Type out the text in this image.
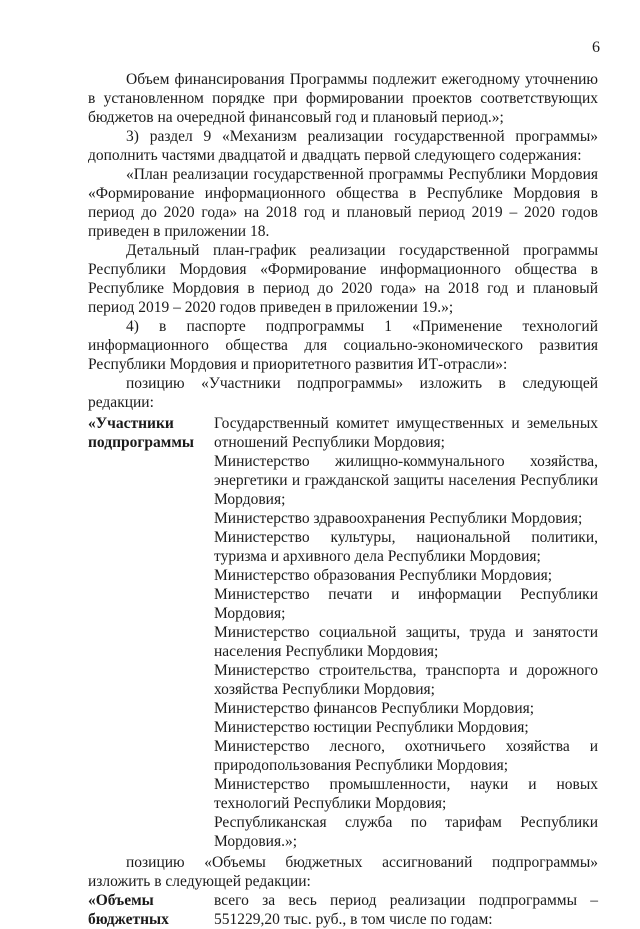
6

Объем финансирования Программы подлежит ежегодному уточнению в установленном порядке при формировании проектов соответствующих бюджетов на очередной финансовый год и плановый период.»;

3) раздел 9 «Механизм реализации государственной программы» дополнить частями двадцатой и двадцать первой следующего содержания:

«План реализации государственной программы Республики Мордовия «Формирование информационного общества в Республике Мордовия в период до 2020 года» на 2018 год и плановый период 2019 – 2020 годов приведен в приложении 18.

Детальный план-график реализации государственной программы Республики Мордовия «Формирование информационного общества в Республике Мордовия в период до 2020 года» на 2018 год и плановый период 2019 – 2020 годов приведен в приложении 19.»;

4) в паспорте подпрограммы 1 «Применение технологий информационного общества для социально-экономического развития Республики Мордовия и приоритетного развития ИТ-отрасли»:

позицию «Участники подпрограммы» изложить в следующей редакции:

«Участники подпрограммы

Государственный комитет имущественных и земельных отношений Республики Мордовия;

Министерство жилищно-коммунального хозяйства, энергетики и гражданской защиты населения Республики Мордовия;

Министерство здравоохранения Республики Мордовия;

Министерство культуры, национальной политики, туризма и архивного дела Республики Мордовия;

Министерство образования Республики Мордовия;

Министерство печати и информации Республики Мордовия;

Министерство социальной защиты, труда и занятости населения Республики Мордовия;

Министерство строительства, транспорта и дорожного хозяйства Республики Мордовия;

Министерство финансов Республики Мордовия;

Министерство юстиции Республики Мордовия;

Министерство лесного, охотничьего хозяйства и природопользования Республики Мордовия;

Министерство промышленности, науки и новых технологий Республики Мордовия;

Республиканская служба по тарифам Республики Мордовия.»;

позицию «Объемы бюджетных ассигнований подпрограммы» изложить в следующей редакции:

«Объемы бюджетных

всего за весь период реализации подпрограммы – 551229,20 тыс. руб., в том числе по годам:
